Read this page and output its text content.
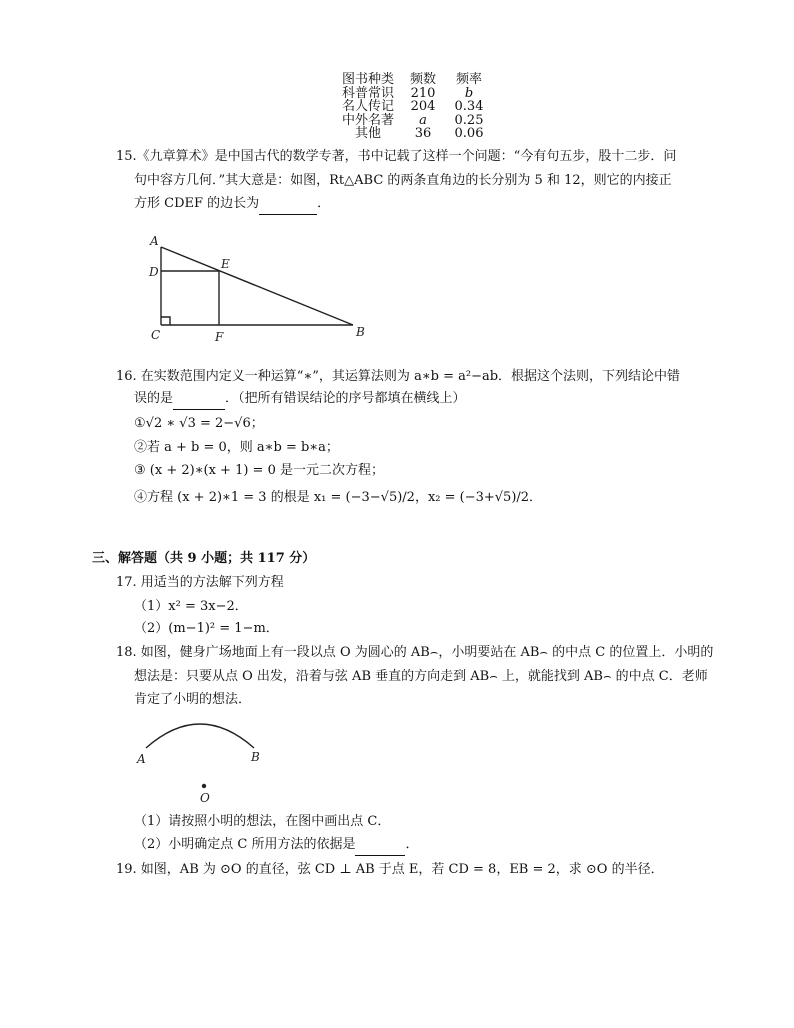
图书种类	频数	频率
科普常识	210	b
名人传记	204	0.34
中外名著	a	0.25
其他	36	0.06
15.《九章算术》是中国古代的数学专著，书中记载了这样一个问题：“今有句五步，股十二步．问
句中容方几何．”其大意是：如图，Rt△ABC 的两条直角边的长分别为 5 和 12，则它的内接正
方形 CDEF 的边长为	．
A
D
E
C	F	B
16. 在实数范围内定义一种运算“∗”，其运算法则为 a∗b = a²−ab．根据这个法则，下列结论中错
误的是	．（把所有错误结论的序号都填在横线上）
①√2 ∗ √3 = 2−√6；
②若 a + b = 0，则 a∗b = b∗a；
③ (x + 2)∗(x + 1) = 0 是一元二次方程；
④方程 (x + 2)∗1 = 3 的根是 x₁ = (−3−√5)/2，x₂ = (−3+√5)/2．
三、解答题（共 9 小题；共 117 分）
17. 用适当的方法解下列方程
（1）x² = 3x−2．
（2）(m−1)² = 1−m．
18. 如图，健身广场地面上有一段以点 O 为圆心的 AB⌢，小明要站在 AB⌢ 的中点 C 的位置上．小明的
想法是：只要从点 O 出发，沿着与弦 AB 垂直的方向走到 AB⌢ 上，就能找到 AB⌢ 的中点 C．老师
肯定了小明的想法．
A	B
O
（1）请按照小明的想法，在图中画出点 C．
（2）小明确定点 C 所用方法的依据是	．
19. 如图，AB 为 ⊙O 的直径，弦 CD ⊥ AB 于点 E，若 CD = 8，EB = 2，求 ⊙O 的半径．
